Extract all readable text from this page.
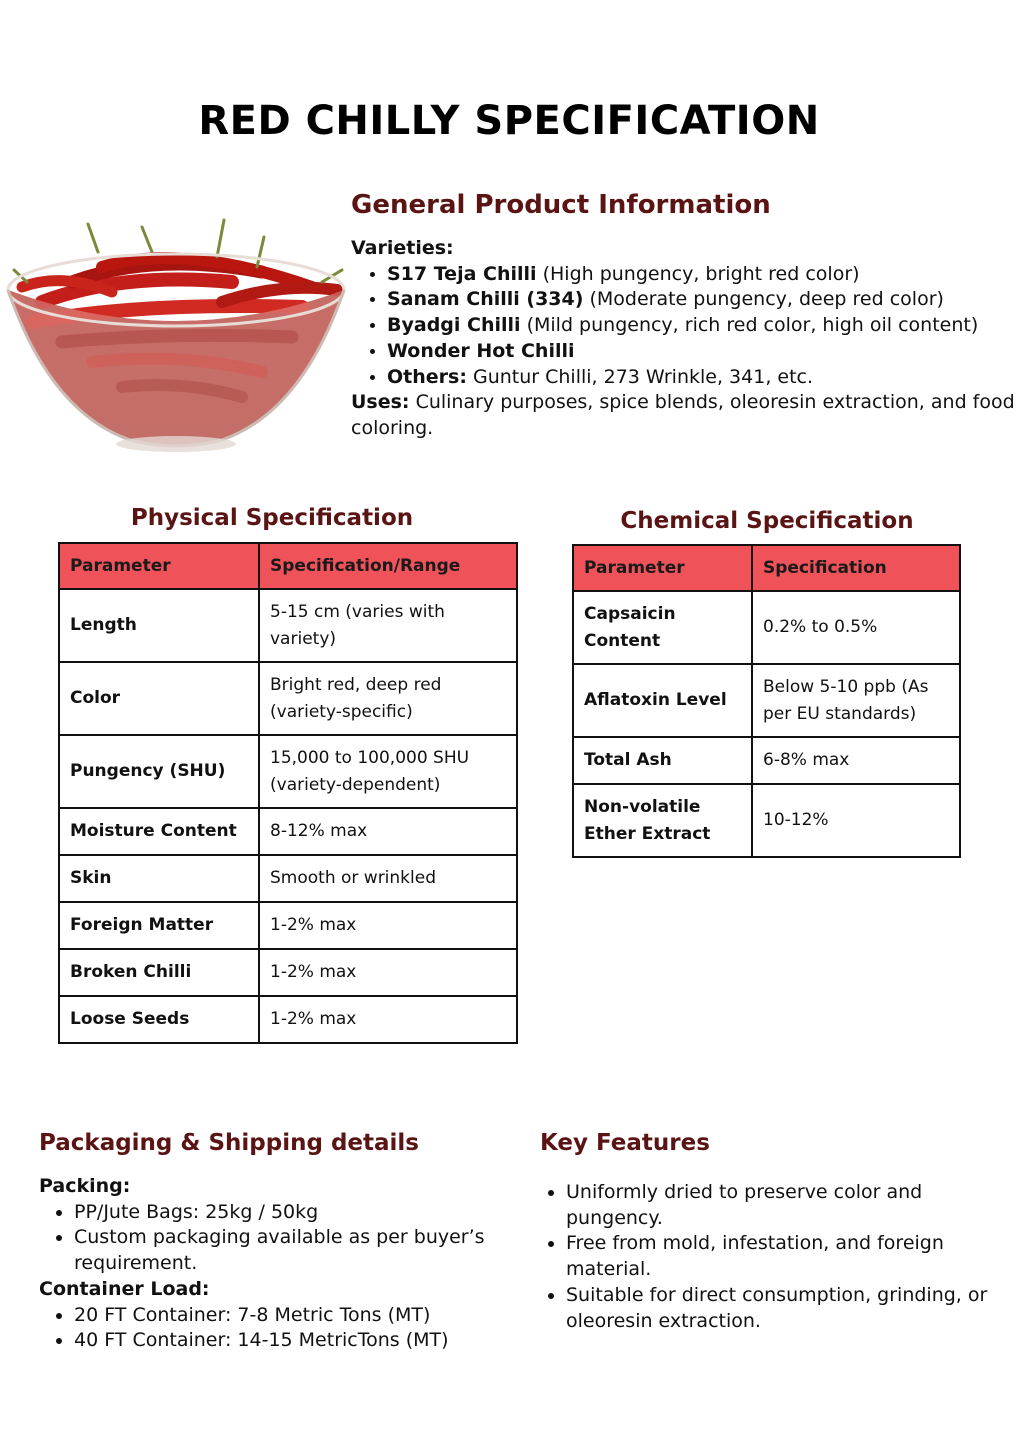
RED CHILLY SPECIFICATION
General Product Information
Varieties:
• S17 Teja Chilli (High pungency, bright red color)
• Sanam Chilli (334) (Moderate pungency, deep red color)
• Byadgi Chilli (Mild pungency, rich red color, high oil content)
• Wonder Hot Chilli
• Others: Guntur Chilli, 273 Wrinkle, 341, etc.
Uses: Culinary purposes, spice blends, oleoresin extraction, and food coloring.
Physical Specification
Parameter	Specification/Range
Length	5-15 cm (varies with variety)
Color	Bright red, deep red (variety-specific)
Pungency (SHU)	15,000 to 100,000 SHU (variety-dependent)
Moisture Content	8-12% max
Skin	Smooth or wrinkled
Foreign Matter	1-2% max
Broken Chilli	1-2% max
Loose Seeds	1-2% max
Chemical Specification
Parameter	Specification
Capsaicin Content	0.2% to 0.5%
Aflatoxin Level	Below 5-10 ppb (As per EU standards)
Total Ash	6-8% max
Non-volatile Ether Extract	10-12%
Packaging & Shipping details
Packing:
• PP/Jute Bags: 25kg / 50kg
• Custom packaging available as per buyer’s requirement.
Container Load:
• 20 FT Container: 7-8 Metric Tons (MT)
• 40 FT Container: 14-15 MetricTons (MT)
Key Features
• Uniformly dried to preserve color and pungency.
• Free from mold, infestation, and foreign material.
• Suitable for direct consumption, grinding, or oleoresin extraction.
